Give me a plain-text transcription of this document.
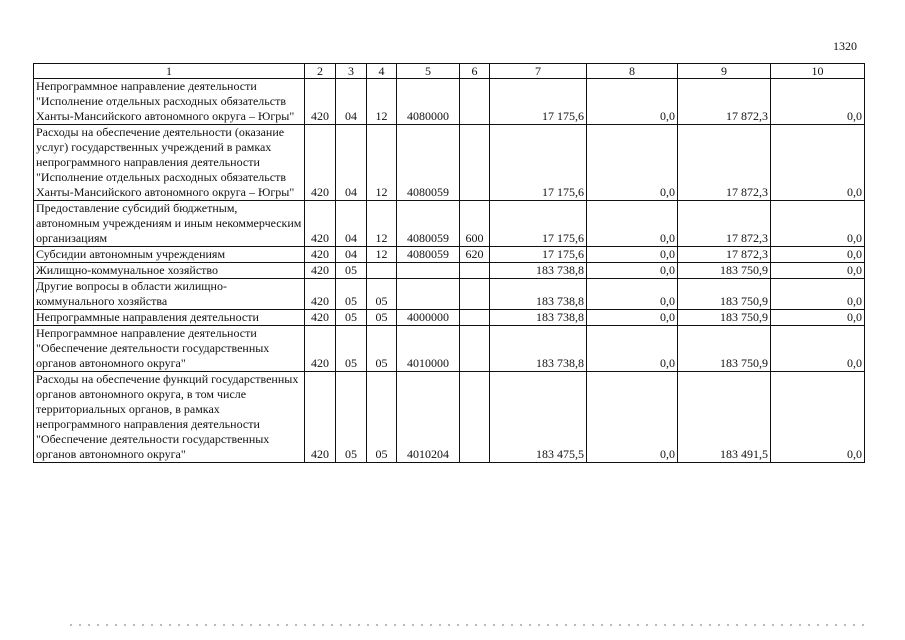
1320
1	2	3	4	5	6	7	8	9	10
Непрограммное направление деятельности "Исполнение отдельных расходных обязательств Ханты-Мансийского автономного округа – Югры"	420	04	12	4080000		17 175,6	0,0	17 872,3	0,0
Расходы на обеспечение деятельности (оказание услуг) государственных учреждений в рамках непрограммного направления деятельности "Исполнение отдельных расходных обязательств Ханты-Мансийского автономного округа – Югры"	420	04	12	4080059		17 175,6	0,0	17 872,3	0,0
Предоставление субсидий бюджетным, автономным учреждениям и иным некоммерческим организациям	420	04	12	4080059	600	17 175,6	0,0	17 872,3	0,0
Субсидии автономным учреждениям	420	04	12	4080059	620	17 175,6	0,0	17 872,3	0,0
Жилищно-коммунальное хозяйство	420	05				183 738,8	0,0	183 750,9	0,0
Другие вопросы в области жилищно-коммунального хозяйства	420	05	05			183 738,8	0,0	183 750,9	0,0
Непрограммные направления деятельности	420	05	05	4000000		183 738,8	0,0	183 750,9	0,0
Непрограммное направление деятельности "Обеспечение деятельности государственных органов автономного округа"	420	05	05	4010000		183 738,8	0,0	183 750,9	0,0
Расходы на обеспечение функций государственных органов автономного округа, в том числе территориальных органов, в рамках непрограммного направления деятельности "Обеспечение деятельности государственных органов автономного округа"	420	05	05	4010204		183 475,5	0,0	183 491,5	0,0
